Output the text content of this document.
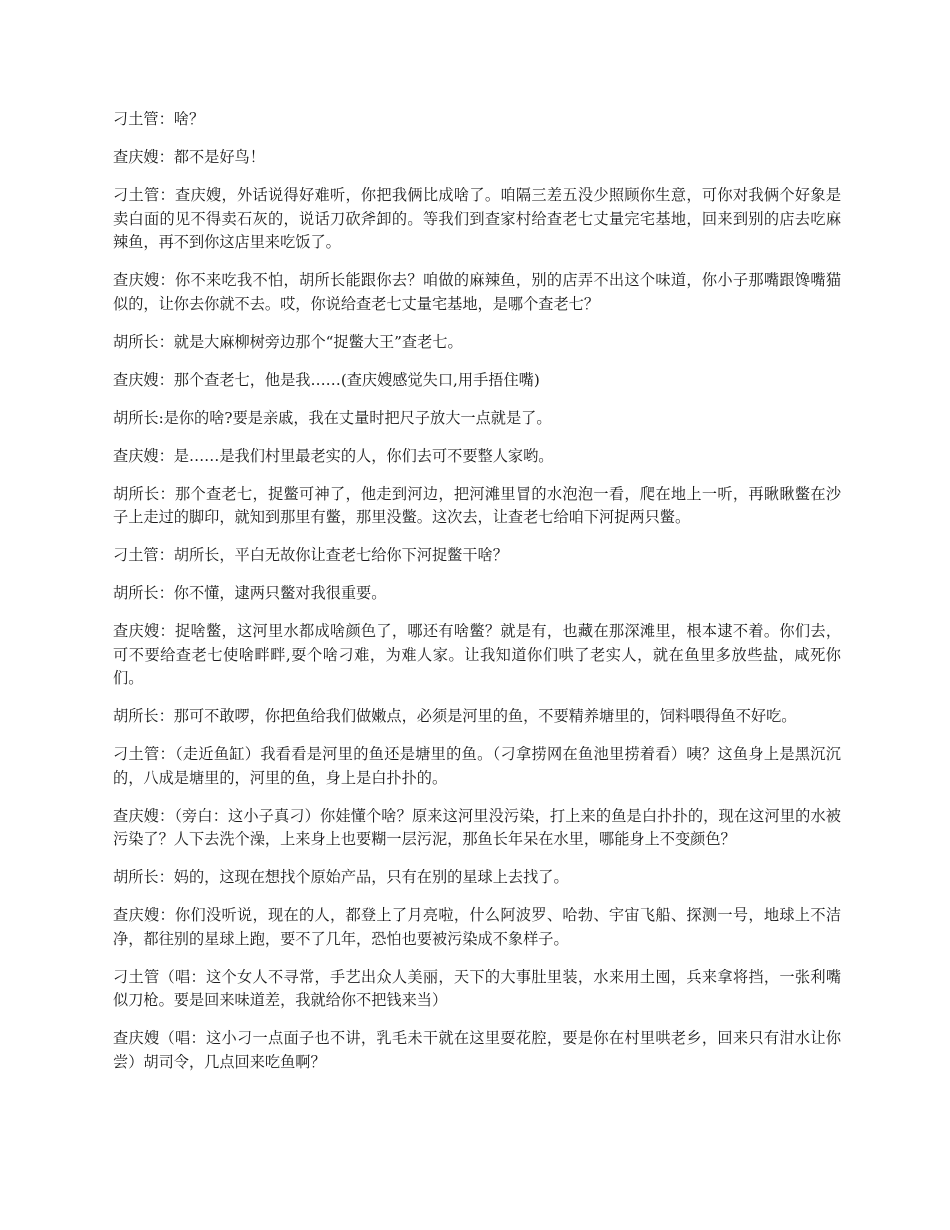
刁土管：啥？

查庆嫂：都不是好鸟！

刁土管：查庆嫂，外话说得好难听，你把我俩比成啥了。咱隔三差五没少照顾你生意，可你对我俩个好象是卖白面的见不得卖石灰的，说话刀砍斧卸的。等我们到查家村给查老七丈量完宅基地，回来到别的店去吃麻辣鱼，再不到你这店里来吃饭了。

查庆嫂：你不来吃我不怕，胡所长能跟你去？咱做的麻辣鱼，别的店弄不出这个味道，你小子那嘴跟馋嘴猫似的，让你去你就不去。哎，你说给查老七丈量宅基地，是哪个查老七？

胡所长：就是大麻柳树旁边那个“捉鳖大王”查老七。

查庆嫂：那个查老七，他是我……(查庆嫂感觉失口,用手捂住嘴)

胡所长:是你的啥?要是亲戚，我在丈量时把尺子放大一点就是了。

查庆嫂：是……是我们村里最老实的人，你们去可不要整人家哟。

胡所长：那个查老七，捉鳖可神了，他走到河边，把河滩里冒的水泡泡一看，爬在地上一听，再瞅瞅鳖在沙子上走过的脚印，就知到那里有鳖，那里没鳖。这次去，让查老七给咱下河捉两只鳖。

刁土管：胡所长，平白无故你让查老七给你下河捉鳖干啥？

胡所长：你不懂，逮两只鳖对我很重要。

查庆嫂：捉啥鳖，这河里水都成啥颜色了，哪还有啥鳖？就是有，也藏在那深滩里，根本逮不着。你们去，可不要给查老七使啥畔畔,耍个啥刁难，为难人家。让我知道你们哄了老实人，就在鱼里多放些盐，咸死你们。

胡所长：那可不敢啰，你把鱼给我们做嫩点，必须是河里的鱼，不要精养塘里的，饲料喂得鱼不好吃。

刁土管：（走近鱼缸）我看看是河里的鱼还是塘里的鱼。（刁拿捞网在鱼池里捞着看）咦？这鱼身上是黑沉沉的，八成是塘里的，河里的鱼，身上是白扑扑的。

查庆嫂：（旁白：这小子真刁）你娃懂个啥？原来这河里没污染，打上来的鱼是白扑扑的，现在这河里的水被污染了？人下去洗个澡，上来身上也要糊一层污泥，那鱼长年呆在水里，哪能身上不变颜色？

胡所长：妈的，这现在想找个原始产品，只有在别的星球上去找了。

查庆嫂：你们没听说，现在的人，都登上了月亮啦，什么阿波罗、哈勃、宇宙飞船、探测一号，地球上不洁净，都往别的星球上跑，要不了几年，恐怕也要被污染成不象样子。

刁土管（唱：这个女人不寻常，手艺出众人美丽，天下的大事肚里装，水来用土囤，兵来拿将挡，一张利嘴似刀枪。要是回来味道差，我就给你不把钱来当）

查庆嫂（唱：这小刁一点面子也不讲，乳毛未干就在这里耍花腔，要是你在村里哄老乡，回来只有泔水让你尝）胡司令，几点回来吃鱼啊？
